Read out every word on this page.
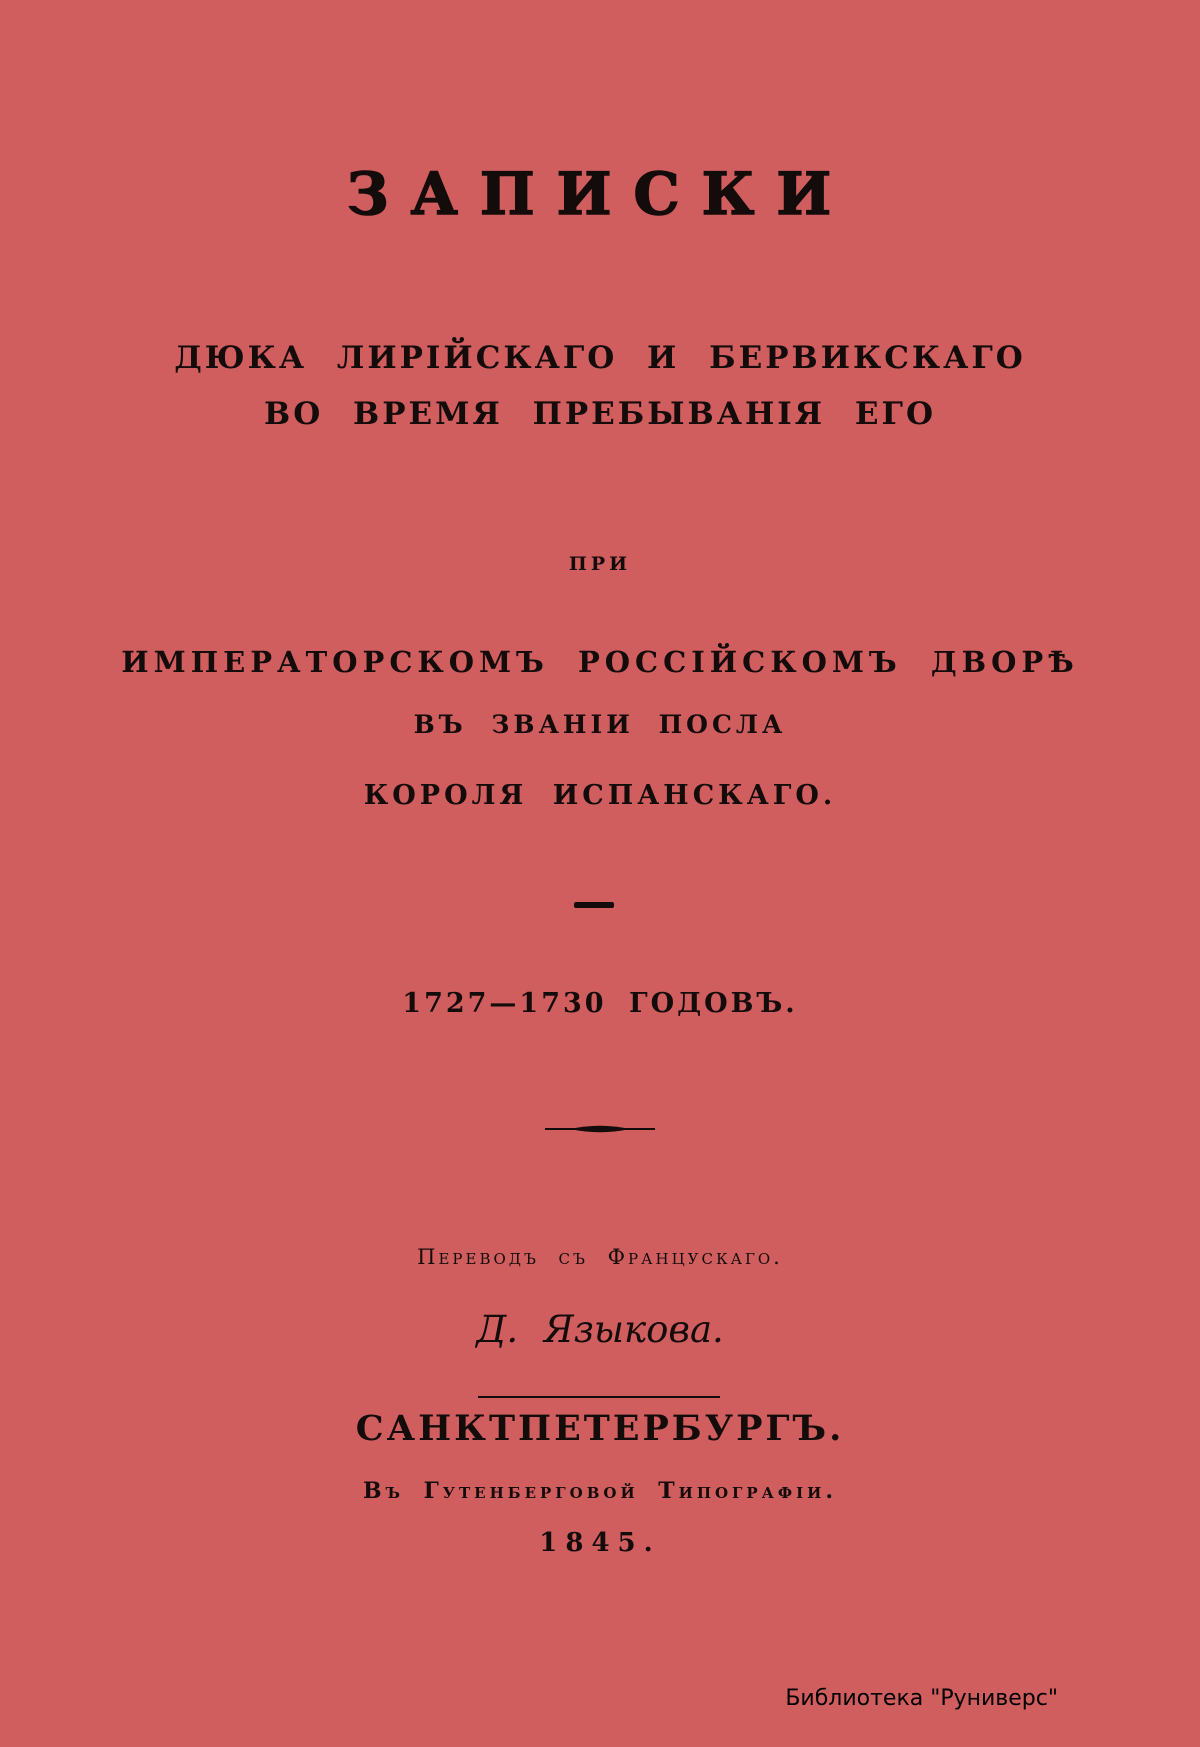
ЗАПИСКИ
ДЮКА ЛИРІЙСКАГО И БЕРВИКСКАГО
ВО ВРЕМЯ ПРЕБЫВАНІЯ ЕГО
ПРИ
ИМПЕРАТОРСКОМЪ РОССІЙСКОМЪ ДВОРѢ
ВЪ ЗВАНІИ ПОСЛА
КОРОЛЯ ИСПАНСКАГО.
1727—1730 ГОДОВЪ.
Переводъ съ Францускаго.
Д. Языкова.
САНКТПЕТЕРБУРГЪ.
Въ Гутенберговой Типографіи.
1845.
Библиотека "Руниверс"
